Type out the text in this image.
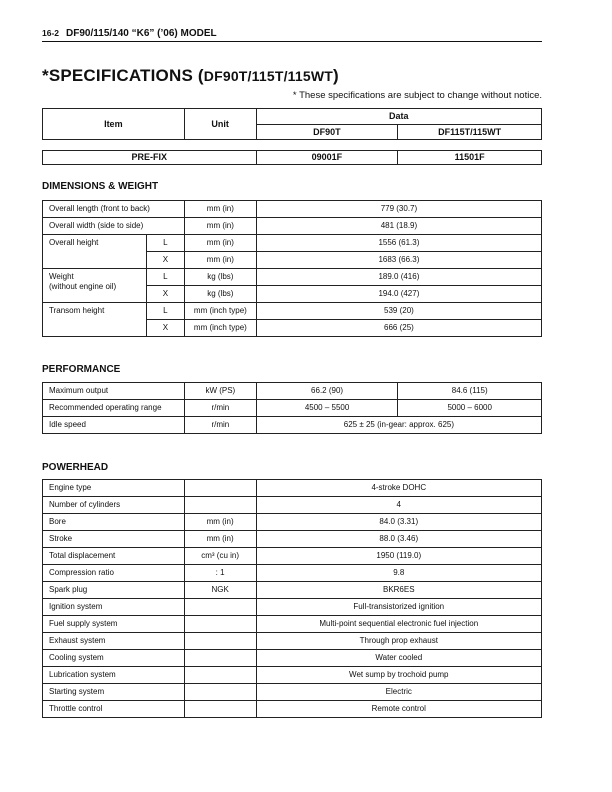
16-2 DF90/115/140 “K6” (’06) MODEL
*SPECIFICATIONS (DF90T/115T/115WT)
* These specifications are subject to change without notice.
Item	Unit	Data	
		DF90T	DF115T/115WT
PRE-FIX	09001F	11501F
DIMENSIONS & WEIGHT
Overall length (front to back)		mm (in)	779 (30.7)
Overall width (side to side)		mm (in)	481 (18.9)
Overall height	L	mm (in)	1556 (61.3)
	X	mm (in)	1683 (66.3)
Weight
(without engine oil)	L	kg (lbs)	189.0 (416)
	X	kg (lbs)	194.0 (427)
Transom height	L	mm (inch type)	539 (20)
	X	mm (inch type)	666 (25)
PERFORMANCE
Maximum output	kW (PS)	66.2 (90)	84.6 (115)
Recommended operating range	r/min	4500 – 5500	5000 – 6000
Idle speed	r/min	625 ± 25 (in-gear: approx. 625)	
POWERHEAD
Engine type		4-stroke DOHC
Number of cylinders		4
Bore	mm (in)	84.0 (3.31)
Stroke	mm (in)	88.0 (3.46)
Total displacement	cm³ (cu in)	1950 (119.0)
Compression ratio	: 1	9.8
Spark plug	NGK	BKR6ES
Ignition system		Full-transistorized ignition
Fuel supply system		Multi-point sequential electronic fuel injection
Exhaust system		Through prop exhaust
Cooling system		Water cooled
Lubrication system		Wet sump by trochoid pump
Starting system		Electric
Throttle control		Remote control
